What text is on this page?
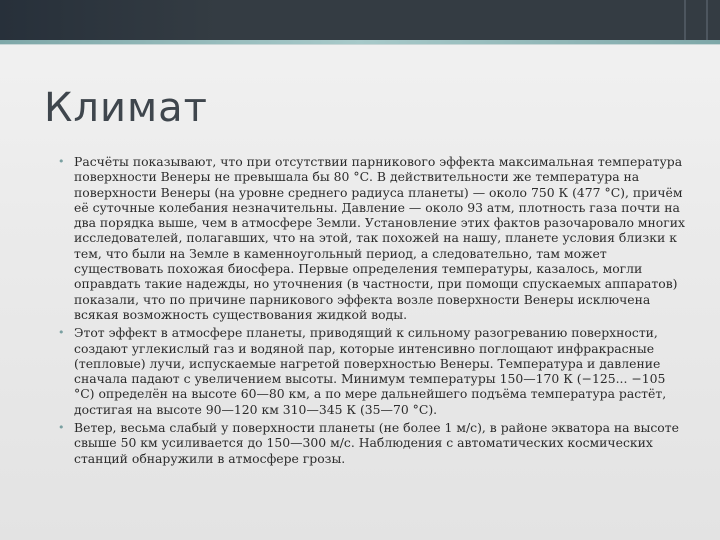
Климат
• Расчёты показывают, что при отсутствии парникового эффекта максимальная температура поверхности Венеры не превышала бы 80 °С. В действительности же температура на поверхности Венеры (на уровне среднего радиуса планеты) — около 750 К (477 °С), причём её суточные колебания незначительны. Давление — около 93 атм, плотность газа почти на два порядка выше, чем в атмосфере Земли. Установление этих фактов разочаровало многих исследователей, полагавших, что на этой, так похожей на нашу, планете условия близки к тем, что были на Земле в каменноугольный период, а следовательно, там может существовать похожая биосфера. Первые определения температуры, казалось, могли оправдать такие надежды, но уточнения (в частности, при помощи спускаемых аппаратов) показали, что по причине парникового эффекта возле поверхности Венеры исключена всякая возможность существования жидкой воды.
• Этот эффект в атмосфере планеты, приводящий к сильному разогреванию поверхности, создают углекислый газ и водяной пар, которые интенсивно поглощают инфракрасные (тепловые) лучи, испускаемые нагретой поверхностью Венеры. Температура и давление сначала падают с увеличением высоты. Минимум температуры 150—170 К (−125... −105 °С) определён на высоте 60—80 км, а по мере дальнейшего подъёма температура растёт, достигая на высоте 90—120 км 310—345 К (35—70 °С).
• Ветер, весьма слабый у поверхности планеты (не более 1 м/с), в районе экватора на высоте свыше 50 км усиливается до 150—300 м/с. Наблюдения с автоматических космических станций обнаружили в атмосфере грозы.
